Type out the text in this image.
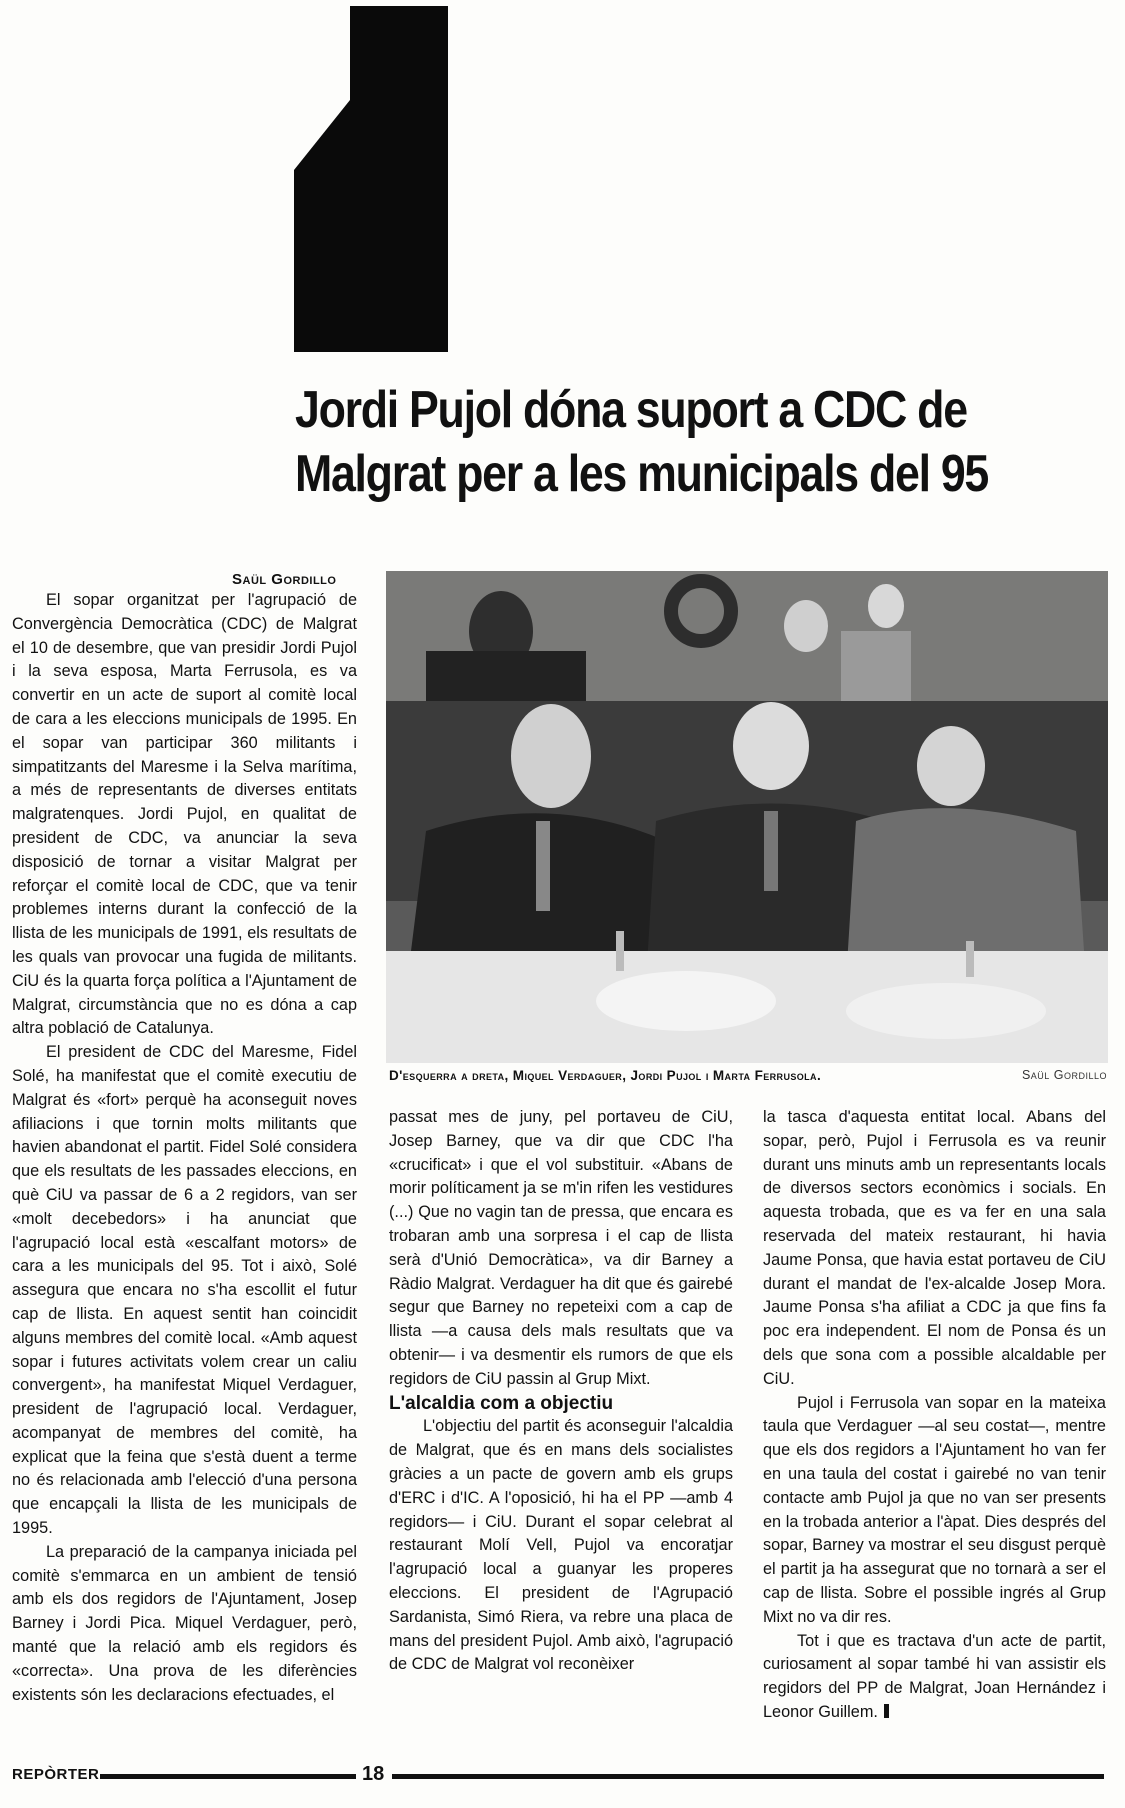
Jordi Pujol dóna suport a CDC de
Malgrat per a les municipals del 95
Saül Gordillo

El sopar organitzat per l'agrupació de Convergència Democràtica (CDC) de Malgrat el 10 de desembre, que van presidir Jordi Pujol i la seva esposa, Marta Ferrusola, es va convertir en un acte de suport al comitè local de cara a les eleccions municipals de 1995. En el sopar van participar 360 militants i simpatitzants del Maresme i la Selva marítima, a més de representants de diverses entitats malgratenques. Jordi Pujol, en qualitat de president de CDC, va anunciar la seva disposició de tornar a visitar Malgrat per reforçar el comitè local de CDC, que va tenir problemes interns durant la confecció de la llista de les municipals de 1991, els resultats de les quals van provocar una fugida de militants. CiU és la quarta força política a l'Ajuntament de Malgrat, circumstància que no es dóna a cap altra població de Catalunya.

El president de CDC del Maresme, Fidel Solé, ha manifestat que el comitè executiu de Malgrat és «fort» perquè ha aconseguit noves afiliacions i que tornin molts militants que havien abandonat el partit. Fidel Solé considera que els resultats de les passades eleccions, en què CiU va passar de 6 a 2 regidors, van ser «molt decebedors» i ha anunciat que l'agrupació local està «escalfant motors» de cara a les municipals del 95. Tot i això, Solé assegura que encara no s'ha escollit el futur cap de llista. En aquest sentit han coincidit alguns membres del comitè local. «Amb aquest sopar i futures activitats volem crear un caliu convergent», ha manifestat Miquel Verdaguer, president de l'agrupació local. Verdaguer, acompanyat de membres del comitè, ha explicat que la feina que s'està duent a terme no és relacionada amb l'elecció d'una persona que encapçali la llista de les municipals de 1995.

La preparació de la campanya iniciada pel comitè s'emmarca en un ambient de tensió amb els dos regidors de l'Ajuntament, Josep Barney i Jordi Pica. Miquel Verdaguer, però, manté que la relació amb els regidors és «correcta». Una prova de les diferències existents són les declaracions efectuades, el

D'esquerra a dreta, Miquel Verdaguer, Jordi Pujol i Marta Ferrusola.	Saül Gordillo

passat mes de juny, pel portaveu de CiU, Josep Barney, que va dir que CDC l'ha «crucificat» i que el vol substituir. «Abans de morir políticament ja se m'in rifen les vestidures (...) Que no vagin tan de pressa, que encara es trobaran amb una sorpresa i el cap de llista serà d'Unió Democràtica», va dir Barney a Ràdio Malgrat. Verdaguer ha dit que és gairebé segur que Barney no repeteixi com a cap de llista —a causa dels mals resultats que va obtenir— i va desmentir els rumors de que els regidors de CiU passin al Grup Mixt.

L'alcaldia com a objectiu

L'objectiu del partit és aconseguir l'alcaldia de Malgrat, que és en mans dels socialistes gràcies a un pacte de govern amb els grups d'ERC i d'IC. A l'oposició, hi ha el PP —amb 4 regidors— i CiU. Durant el sopar celebrat al restaurant Molí Vell, Pujol va encoratjar l'agrupació local a guanyar les properes eleccions. El president de l'Agrupació Sardanista, Simó Riera, va rebre una placa de mans del president Pujol. Amb això, l'agrupació de CDC de Malgrat vol reconèixer

la tasca d'aquesta entitat local. Abans del sopar, però, Pujol i Ferrusola es va reunir durant uns minuts amb un representants locals de diversos sectors econòmics i socials. En aquesta trobada, que es va fer en una sala reservada del mateix restaurant, hi havia Jaume Ponsa, que havia estat portaveu de CiU durant el mandat de l'ex-alcalde Josep Mora. Jaume Ponsa s'ha afiliat a CDC ja que fins fa poc era independent. El nom de Ponsa és un dels que sona com a possible alcaldable per CiU.

Pujol i Ferrusola van sopar en la mateixa taula que Verdaguer —al seu costat—, mentre que els dos regidors a l'Ajuntament ho van fer en una taula del costat i gairebé no van tenir contacte amb Pujol ja que no van ser presents en la trobada anterior a l'àpat. Dies després del sopar, Barney va mostrar el seu disgust perquè el partit ja ha assegurat que no tornarà a ser el cap de llista. Sobre el possible ingrés al Grup Mixt no va dir res.

Tot i que es tractava d'un acte de partit, curiosament al sopar també hi van assistir els regidors del PP de Malgrat, Joan Hernández i Leonor Guillem.

REPÒRTER	18
